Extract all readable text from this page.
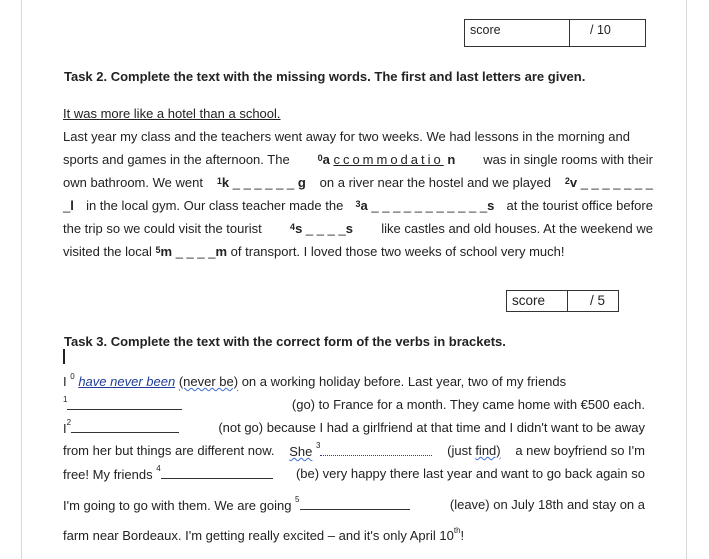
score	/ 10
Task 2. Complete the text with the missing words. The first and last letters are given.
It was more like a hotel than a school.
Last year my class and the teachers went away for two weeks. We had lessons in the morning and
sports and games in the afternoon. The	$^0$a ccommodatio n was in single rooms with their
own bathroom. We went $^1$k _ _ _ _ _ _ g on a river near the hostel and we played $^2$v _ _ _ _ _ _ _
_l in the local gym. Our class teacher made the $^3$a _ _ _ _ _ _ _ _ _ _ _s at the tourist office before
the trip so we could visit the tourist	$^4$s _ _ _ _s like castles and old houses. At the weekend we
visited the local
$^5$m _ _ _ _m
of transport. I loved those two weeks of school very much!
score	/ 5
Task 3. Complete the text with the correct form of the verbs in brackets.
I $^0$ have never been (never be) on a working holiday before. Last year, two of my friends
$^1$	(go) to France for a month. They came home with €500 each.
$I^2$	(not go) because I had a girlfriend at that time and I didn't want to be away
from her but things are different now. She $^3$	(just find) a new boyfriend so I'm
free! My friends $^4$	(be) very happy there last year and want to go back again so
I'm going to go with them. We are going $^5$	(leave) on July 18th and stay on a
farm near Bordeaux. I'm getting really excited – and it's only April 10th!
